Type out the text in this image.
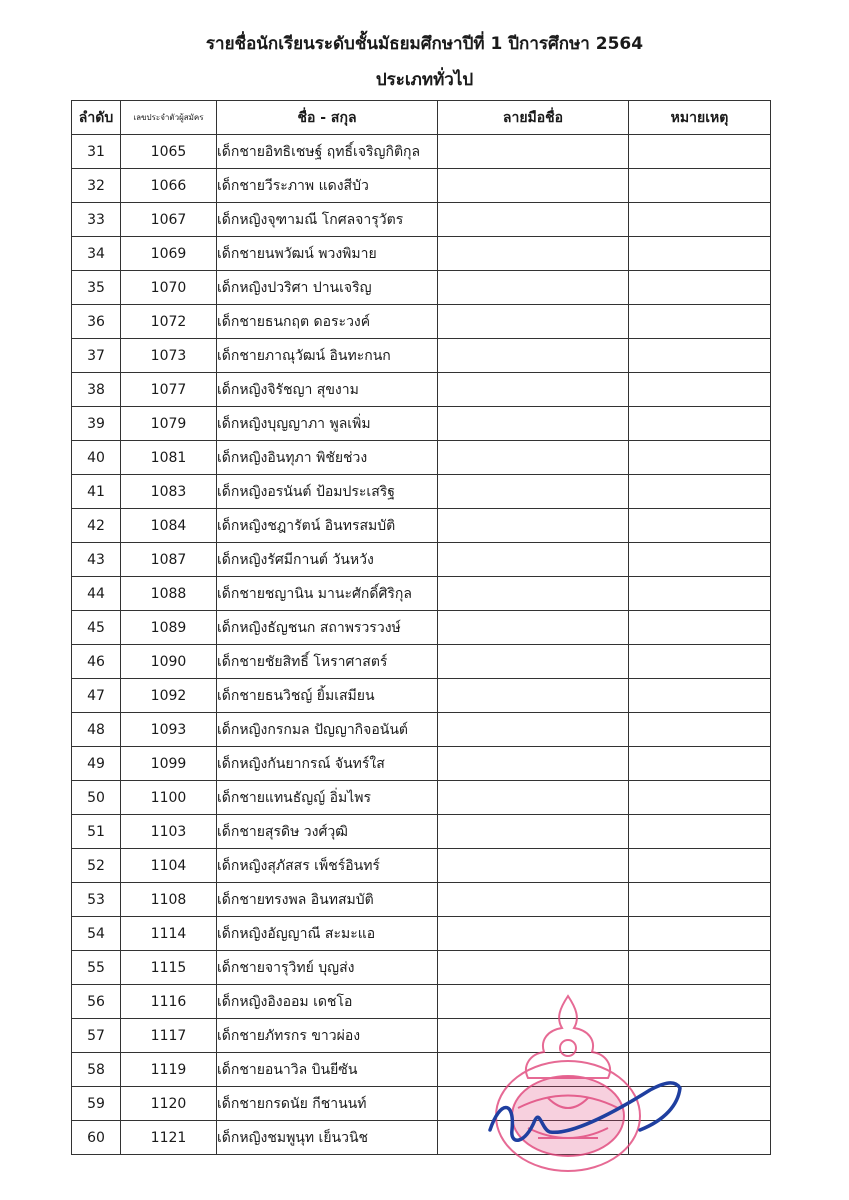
รายชื่อนักเรียนระดับชั้นมัธยมศึกษาปีที่ 1 ปีการศึกษา 2564
ประเภททั่วไป
ลำดับ	เลขประจำตัวผู้สมัคร	ชื่อ - สกุล	ลายมือชื่อ	หมายเหตุ
31	1065	เด็กชายอิทธิเชษฐ์ ฤทธิ์เจริญกิติกุล		
32	1066	เด็กชายวีระภาพ แดงสีบัว		
33	1067	เด็กหญิงจุฑามณี โกศลจารุวัตร		
34	1069	เด็กชายนพวัฒน์ พวงพิมาย		
35	1070	เด็กหญิงปวริศา ปานเจริญ		
36	1072	เด็กชายธนกฤต ดอระวงค์		
37	1073	เด็กชายภาณุวัฒน์ อินทะกนก		
38	1077	เด็กหญิงจิรัชญา สุขงาม		
39	1079	เด็กหญิงบุญญาภา พูลเพิ่ม		
40	1081	เด็กหญิงอินทุภา พิชัยช่วง		
41	1083	เด็กหญิงอรนันต์ ป้อมประเสริฐ		
42	1084	เด็กหญิงชฎารัตน์ อินทรสมบัติ		
43	1087	เด็กหญิงรัศมีกานต์ วันหวัง		
44	1088	เด็กชายชญานิน มานะศักดิ์ศิริกุล		
45	1089	เด็กหญิงธัญชนก สถาพรวรวงษ์		
46	1090	เด็กชายชัยสิทธิ์ โหราศาสตร์		
47	1092	เด็กชายธนวิชญ์ ยิ้มเสมียน		
48	1093	เด็กหญิงกรกมล ปัญญากิจอนันต์		
49	1099	เด็กหญิงกันยากรณ์ จันทร์ใส		
50	1100	เด็กชายแทนธัญญ์ อิ่มไพร		
51	1103	เด็กชายสุรดิษ วงศ์วุฒิ		
52	1104	เด็กหญิงสุภัสสร เพ็ชร์อินทร์		
53	1108	เด็กชายทรงพล อินทสมบัติ		
54	1114	เด็กหญิงอัญญาณี สะมะแอ		
55	1115	เด็กชายจารุวิทย์ บุญส่ง		
56	1116	เด็กหญิงอิงออม เดชโอ		
57	1117	เด็กชายภัทรกร ขาวผ่อง		
58	1119	เด็กชายอนาวิล บินยีซัน		
59	1120	เด็กชายกรดนัย กีชานนท์		
60	1121	เด็กหญิงชมพูนุท เย็นวนิช		
